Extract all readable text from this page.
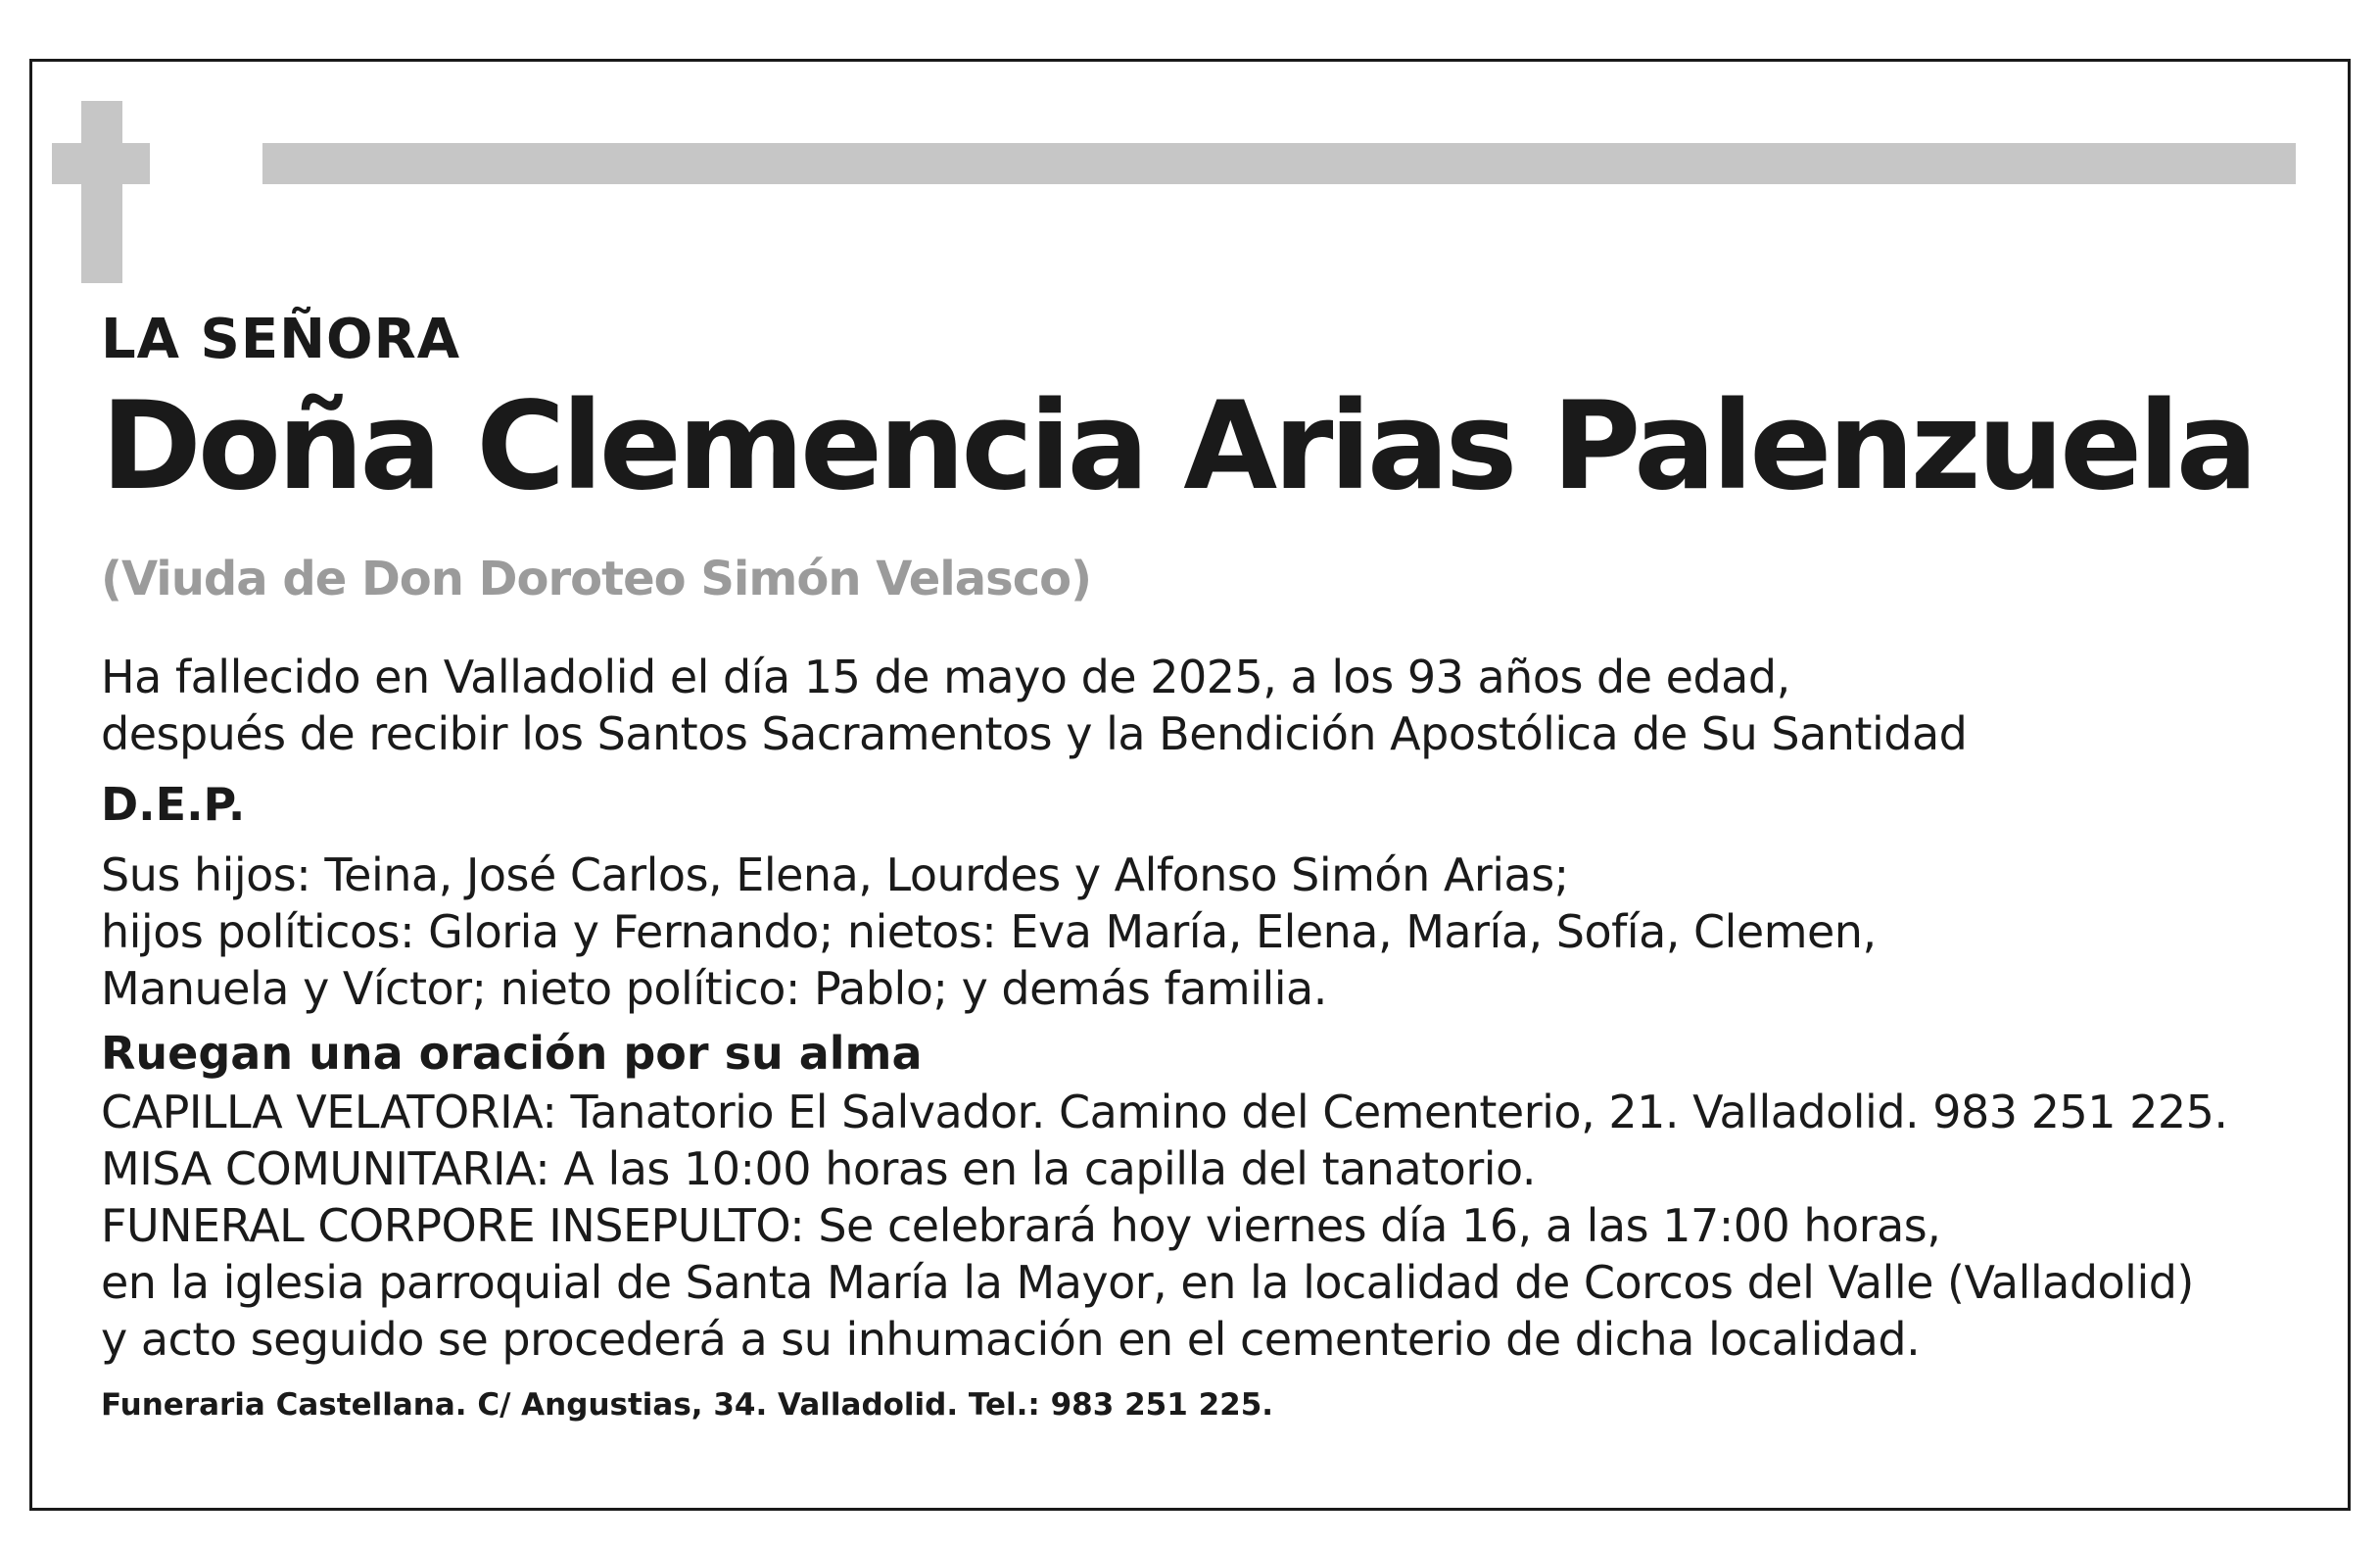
LA SEÑORA

Doña Clemencia Arias Palenzuela

(Viuda de Don Doroteo Simón Velasco)

Ha fallecido en Valladolid el día 15 de mayo de 2025, a los 93 años de edad,

después de recibir los Santos Sacramentos y la Bendición Apostólica de Su Santidad

D.E.P.

Sus hijos: Teina, José Carlos, Elena, Lourdes y Alfonso Simón Arias;

hijos políticos: Gloria y Fernando; nietos: Eva María, Elena, María, Sofía, Clemen,

Manuela y Víctor; nieto político: Pablo; y demás familia.

Ruegan una oración por su alma

CAPILLA VELATORIA: Tanatorio El Salvador. Camino del Cementerio, 21. Valladolid. 983 251 225.

MISA COMUNITARIA: A las 10:00 horas en la capilla del tanatorio.

FUNERAL CORPORE INSEPULTO: Se celebrará hoy viernes día 16, a las 17:00 horas,

en la iglesia parroquial de Santa María la Mayor, en la localidad de Corcos del Valle (Valladolid)

y acto seguido se procederá a su inhumación en el cementerio de dicha localidad.

Funeraria Castellana. C/ Angustias, 34. Valladolid. Tel.: 983 251 225.
